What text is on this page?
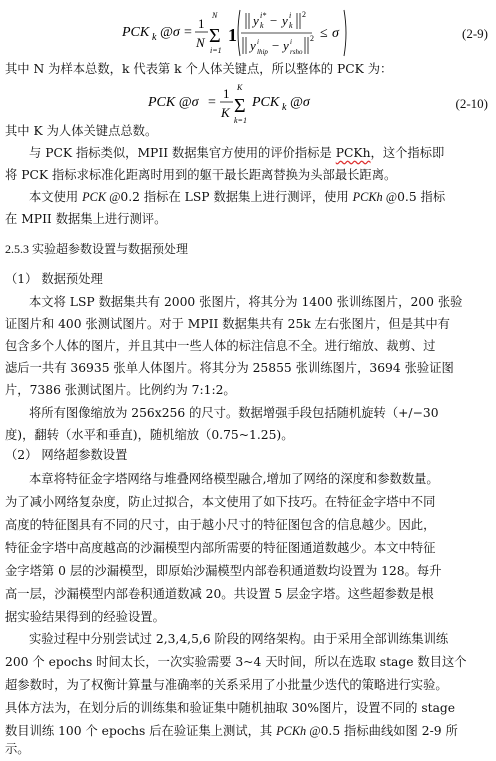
PCK k @σ =
1
N
N
Σ
i=1
1
y i*
k − y i
k
2
y i
lhip − y i
rsho
2 ≤ σ	(2-9)
其中 N 为样本总数，k 代表第 k 个人体关键点，所以整体的 PCK 为：
PCK @σ =
1
K
K
Σ
k=1
PCK k @σ	(2-10)
其中 K 为人体关键点总数。
与 PCK 指标类似，MPII 数据集官方使用的评价指标是 PCKh，这个指标即
将 PCK 指标求标准化距离时用到的躯干最长距离替换为头部最长距离。
本文使用 PCK @0.2 指标在 LSP 数据集上进行测评，使用 PCKh @0.5 指标
在 MPII 数据集上进行测评。
2.5.3 实验超参数设置与数据预处理
（1） 数据预处理
本文将 LSP 数据集共有 2000 张图片，将其分为 1400 张训练图片，200 张验
证图片和 400 张测试图片。对于 MPII 数据集共有 25k 左右张图片，但是其中有
包含多个人体的图片，并且其中一些人体的标注信息不全。进行缩放、裁剪、过
滤后一共有 36935 张单人体图片。将其分为 25855 张训练图片，3694 张验证图
片，7386 张测试图片。比例约为 7:1:2。
将所有图像缩放为 256x256 的尺寸。数据增强手段包括随机旋转（+/−30
度)，翻转（水平和垂直)，随机缩放（0.75~1.25)。
（2） 网络超参数设置
本章将特征金字塔网络与堆叠网络模型融合,增加了网络的深度和参数数量。
为了减小网络复杂度，防止过拟合，本文使用了如下技巧。在特征金字塔中不同
高度的特征图具有不同的尺寸，由于越小尺寸的特征图包含的信息越少。因此，
特征金字塔中高度越高的沙漏模型内部所需要的特征图通道数越少。本文中特征
金字塔第 0 层的沙漏模型，即原始沙漏模型内部卷积通道数均设置为 128。每升
高一层，沙漏模型内部卷积通道数减 20。共设置 5 层金字塔。这些超参数是根
据实验结果得到的经验设置。
实验过程中分别尝试过 2,3,4,5,6 阶段的网络架构。由于采用全部训练集训练
200 个 epochs 时间太长，一次实验需要 3~4 天时间，所以在选取 stage 数目这个
超参数时，为了权衡计算量与准确率的关系采用了小批量少迭代的策略进行实验。
具体方法为，在划分后的训练集和验证集中随机抽取 30%图片，设置不同的 stage
数目训练 100 个 epochs 后在验证集上测试，其 PCKh @0.5 指标曲线如图 2-9 所
示。
